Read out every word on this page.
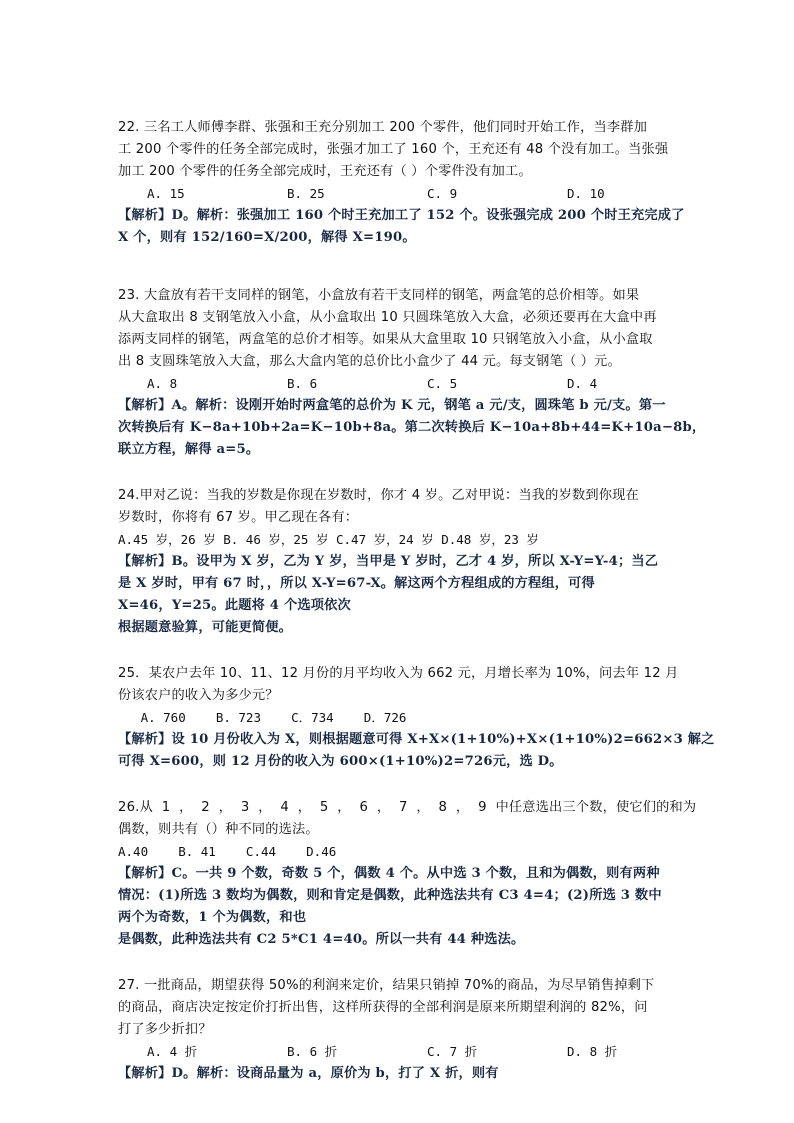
22. 三名工人师傅李群、张强和王充分别加工 200 个零件，他们同时开始工作，当李群加
工 200 个零件的任务全部完成时，张强才加工了 160 个，王充还有 48 个没有加工。当张强
加工 200 个零件的任务全部完成时，王充还有（ ）个零件没有加工。
A. 15	B. 25	C. 9	D. 10
【解析】D。解析：张强加工 160 个时王充加工了 152 个。设张强完成 200 个时王充完成了
X 个，则有 152/160=X/200，解得 X=190。
23. 大盒放有若干支同样的钢笔，小盒放有若干支同样的钢笔，两盒笔的总价相等。如果
从大盒取出 8 支钢笔放入小盒，从小盒取出 10 只圆珠笔放入大盒，必须还要再在大盒中再
添两支同样的钢笔，两盒笔的总价才相等。如果从大盒里取 10 只钢笔放入小盒，从小盒取
出 8 支圆珠笔放入大盒，那么大盒内笔的总价比小盒少了 44 元。每支钢笔（ ）元。
A. 8	B. 6	C. 5	D. 4
【解析】A。解析：设刚开始时两盒笔的总价为 K 元，钢笔 a 元/支，圆珠笔 b 元/支。第一
次转换后有 K−8a+10b+2a=K−10b+8a。第二次转换后 K−10a+8b+44=K+10a−8b，
联立方程，解得 a=5。
24.甲对乙说：当我的岁数是你现在岁数时，你才 4 岁。乙对甲说：当我的岁数到你现在
岁数时，你将有 67 岁。甲乙现在各有：
A.45 岁，26 岁 B. 46 岁，25 岁 C.47 岁，24 岁 D.48 岁，23 岁
【解析】B。设甲为 X 岁，乙为 Y 岁，当甲是 Y 岁时，乙才 4 岁，所以 X-Y=Y-4；当乙
是 X 岁时，甲有 67 时，，所以 X-Y=67-X。解这两个方程组成的方程组，可得
X=46，Y=25。此题将 4 个选项依次
根据题意验算，可能更简便。
25．某农户去年 10、11、12 月份的月平均收入为 662 元，月增长率为 10%，问去年 12 月
份该农户的收入为多少元？
A. 760    B. 723    C．734    D．726
【解析】设 10 月份收入为 X，则根据题意可得 X+X×(1+10%)+X×(1+10%)2=662×3 解之
可得 X=600，则 12 月份的收入为 600×(1+10%)2=726元，选 D。
26.从  1  ，  2  ，  3  ，  4  ，  5  ，  6  ，  7  ，  8  ，  9  中任意选出三个数，使它们的和为
偶数，则共有（）种不同的选法。
A.40    B. 41    C.44    D.46
【解析】C。一共 9 个数，奇数 5 个，偶数 4 个。从中选 3 个数，且和为偶数，则有两种
情况：(1)所选 3 数均为偶数，则和肯定是偶数，此种选法共有 C3 4=4；(2)所选 3 数中
两个为奇数，1 个为偶数，和也
是偶数，此种选法共有 C2 5*C1 4=40。所以一共有 44 种选法。
27. 一批商品，期望获得 50%的利润来定价，结果只销掉 70%的商品，为尽早销售掉剩下
的商品，商店决定按定价打折出售，这样所获得的全部利润是原来所期望利润的 82%，问
打了多少折扣？
A. 4 折	B. 6 折	C. 7 折	D. 8 折
【解析】D。解析：设商品量为 a，原价为 b，打了 X 折，则有
